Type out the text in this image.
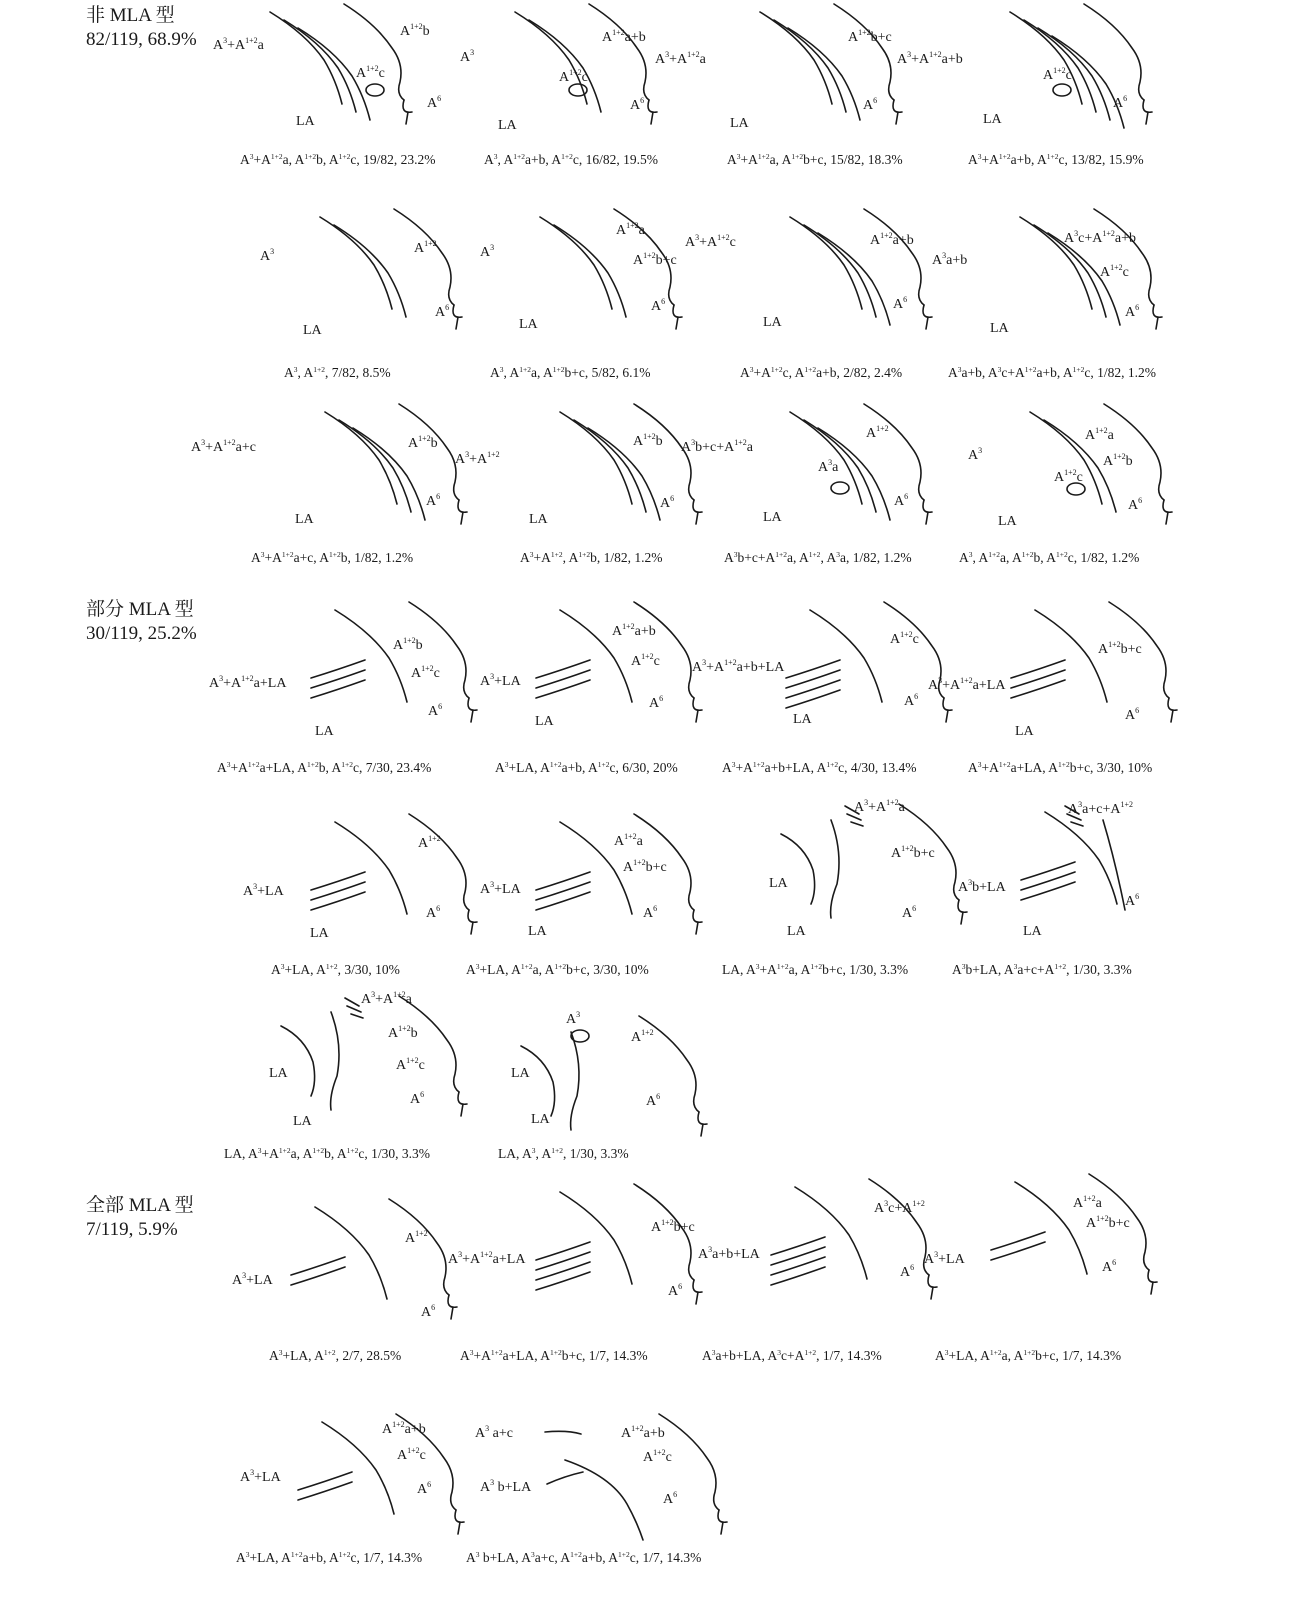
非 MLA 型
82/119, 68.9%
部分 MLA 型
30/119, 25.2%
全部 MLA 型
7/119, 5.9%
$A^3+A^{1+2}a$
$A^{1+2}b$
$A^{1+2}c$
$A^6$
LA
$A^3+A^{1+2}a$, $A^{1+2}b$, $A^{1+2}c$, 19/82, 23.2%
$A^3$
$A^{1+2}a+b$
$A^{1+2}c$
$A^6$
LA
$A^3$, $A^{1+2}a+b$, $A^{1+2}c$, 16/82, 19.5%
$A^3+A^{1+2}a$
$A^{1+2}b+c$
$A^6$
LA
$A^3+A^{1+2}a$, $A^{1+2}b+c$, 15/82, 18.3%
$A^3+A^{1+2}a+b$
$A^{1+2}c$
$A^6$
LA
$A^3+A^{1+2}a+b$, $A^{1+2}c$, 13/82, 15.9%
$A^3$	$A^{1+2}$
$A^6$
LA
$A^3$, $A^{1+2}$, 7/82, 8.5%
$A^3$
$A^{1+2}a$
$A^{1+2}b+c$
$A^6$
LA
$A^3$, $A^{1+2}a$, $A^{1+2}b+c$, 5/82, 6.1%
$A^3+A^{1+2}c$	$A^{1+2}a+b$
$A^6$
LA
$A^3+A^{1+2}c$, $A^{1+2}a+b$, 2/82, 2.4%
$A^3a+b$
$A^3c+A^{1+2}a+b$
$A^{1+2}c$
$A^6$
LA
$A^3a+b$, $A^3c+A^{1+2}a+b$, $A^{1+2}c$, 1/82, 1.2%
$A^3+A^{1+2}a+c$	$A^{1+2}b$
$A^6$
LA
$A^3+A^{1+2}a+c$, $A^{1+2}b$, 1/82, 1.2%
$A^3+A^{1+2}$
$A^{1+2}b$
$A^6$
LA
$A^3+A^{1+2}$, $A^{1+2}b$, 1/82, 1.2%
$A^3b+c+A^{1+2}a$
$A^{1+2}$
$A^3a$
$A^6$
LA
$A^3b+c+A^{1+2}a$, $A^{1+2}$, $A^3a$, 1/82, 1.2%
$A^3$
$A^{1+2}a$
$A^{1+2}b$
$A^{1+2}c$
$A^6$
LA
$A^3$, $A^{1+2}a$, $A^{1+2}b$, $A^{1+2}c$, 1/82, 1.2%
$A^3+A^{1+2}a+LA$
$A^{1+2}b$
$A^{1+2}c$
$A^6$
LA
$A^3+A^{1+2}a+LA$, $A^{1+2}b$, $A^{1+2}c$, 7/30, 23.4%
$A^3+LA$
$A^{1+2}a+b$
$A^{1+2}c$
$A^6$
LA
$A^3+LA$, $A^{1+2}a+b$, $A^{1+2}c$, 6/30, 20%
$A^3+A^{1+2}a+b+LA$
$A^{1+2}c$
$A^6$
LA
$A^3+A^{1+2}a+b+LA$, $A^{1+2}c$, 4/30, 13.4%
$A^3+A^{1+2}a+LA$
$A^{1+2}b+c$
$A^6$
LA
$A^3+A^{1+2}a+LA$, $A^{1+2}b+c$, 3/30, 10%
$A^3+LA$
$A^{1+2}$
$A^6$
LA
$A^3+LA$, $A^{1+2}$, 3/30, 10%
$A^3+LA$
$A^{1+2}a$
$A^{1+2}b+c$
$A^6$
LA
$A^3+LA$, $A^{1+2}a$, $A^{1+2}b+c$, 3/30, 10%
LA
$A^3+A^{1+2}a$
$A^{1+2}b+c$
$A^6$
LA
LA, $A^3+A^{1+2}a$, $A^{1+2}b+c$, 1/30, 3.3%
$A^3b+LA$
$A^3a+c+A^{1+2}$
$A^6$
LA
$A^3b+LA$, $A^3a+c+A^{1+2}$, 1/30, 3.3%
LA
$A^3+A^{1+2}a$
$A^{1+2}b$
$A^{1+2}c$
$A^6$
LA
LA, $A^3+A^{1+2}a$, $A^{1+2}b$, $A^{1+2}c$, 1/30, 3.3%
$A^3$
$A^{1+2}$
$A^6$
LA
LA
LA, $A^3$, $A^{1+2}$, 1/30, 3.3%
$A^3+LA$
$A^{1+2}$
$A^6$
$A^3+LA$, $A^{1+2}$, 2/7, 28.5%
$A^3+A^{1+2}a+LA$
$A^{1+2}b+c$
$A^6$
$A^3+A^{1+2}a+LA$, $A^{1+2}b+c$, 1/7, 14.3%
$A^3a+b+LA$
$A^3c+A^{1+2}$
$A^6$
$A^3a+b+LA$, $A^3c+A^{1+2}$, 1/7, 14.3%
$A^3+LA$
$A^{1+2}a$
$A^{1+2}b+c$
$A^6$
$A^3+LA$, $A^{1+2}a$, $A^{1+2}b+c$, 1/7, 14.3%
$A^3+LA$
$A^{1+2}a+b$
$A^{1+2}c$
$A^6$
$A^3+LA$, $A^{1+2}a+b$, $A^{1+2}c$, 1/7, 14.3%
$A^3$ a+c
$A^3$ b+LA
$A^{1+2}a+b$
$A^{1+2}c$
$A^6$
$A^3$ b+LA, $A^3a+c$, $A^{1+2}a+b$, $A^{1+2}c$, 1/7, 14.3%
